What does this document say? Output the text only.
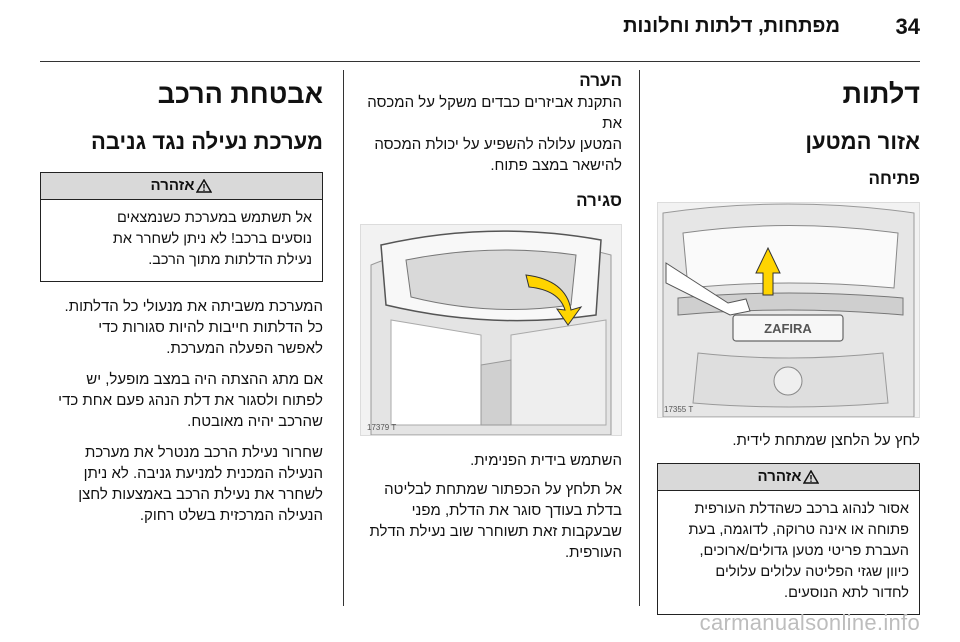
34
מפתחות, דלתות וחלונות
דלתות
אזור המטען
פתיחה
ZAFIRA
17355 T

לחץ על הלחצן שמתחת לידית.

אזהרה

אסור לנהוג ברכב כשהדלת העורפית

פתוחה או אינה טרוקה, לדוגמה, בעת

העברת פריטי מטען גדולים/ארוכים,

כיוון שגזי הפליטה עלולים עלולים

לחדור לתא הנוסעים.

הערה

התקנת אביזרים כבדים משקל על המכסה את

המטען עלולה להשפיע על יכולת המכסה

להישאר במצב פתוח.

סגירה
17379 T

השתמש בידית הפנימית.

אל תלחץ על הכפתור שמתחת לבליטה

בדלת בעודך סוגר את הדלת, מפני

שבעקבות זאת תשוחרר שוב נעילת הדלת

העורפית.

אבטחת הרכב
מערכת נעילה נגד גניבה
אזהרה

אל תשתמש במערכת כשנמצאים

נוסעים ברכב! לא ניתן לשחרר את

נעילת הדלתות מתוך הרכב.

המערכת משביתה את מנעולי כל הדלתות.

כל הדלתות חייבות להיות סגורות כדי

לאפשר הפעלה המערכת.

אם מתג ההצתה היה במצב מופעל, יש

לפתוח ולסגור את דלת הנהג פעם אחת כדי

שהרכב יהיה מאובטח.

שחרור נעילת הרכב מנטרל את מערכת

הנעילה המכנית למניעת גניבה. לא ניתן

לשחרר את נעילת הרכב באמצעות לחצן

הנעילה המרכזית בשלט רחוק.

carmanualsonline.info
